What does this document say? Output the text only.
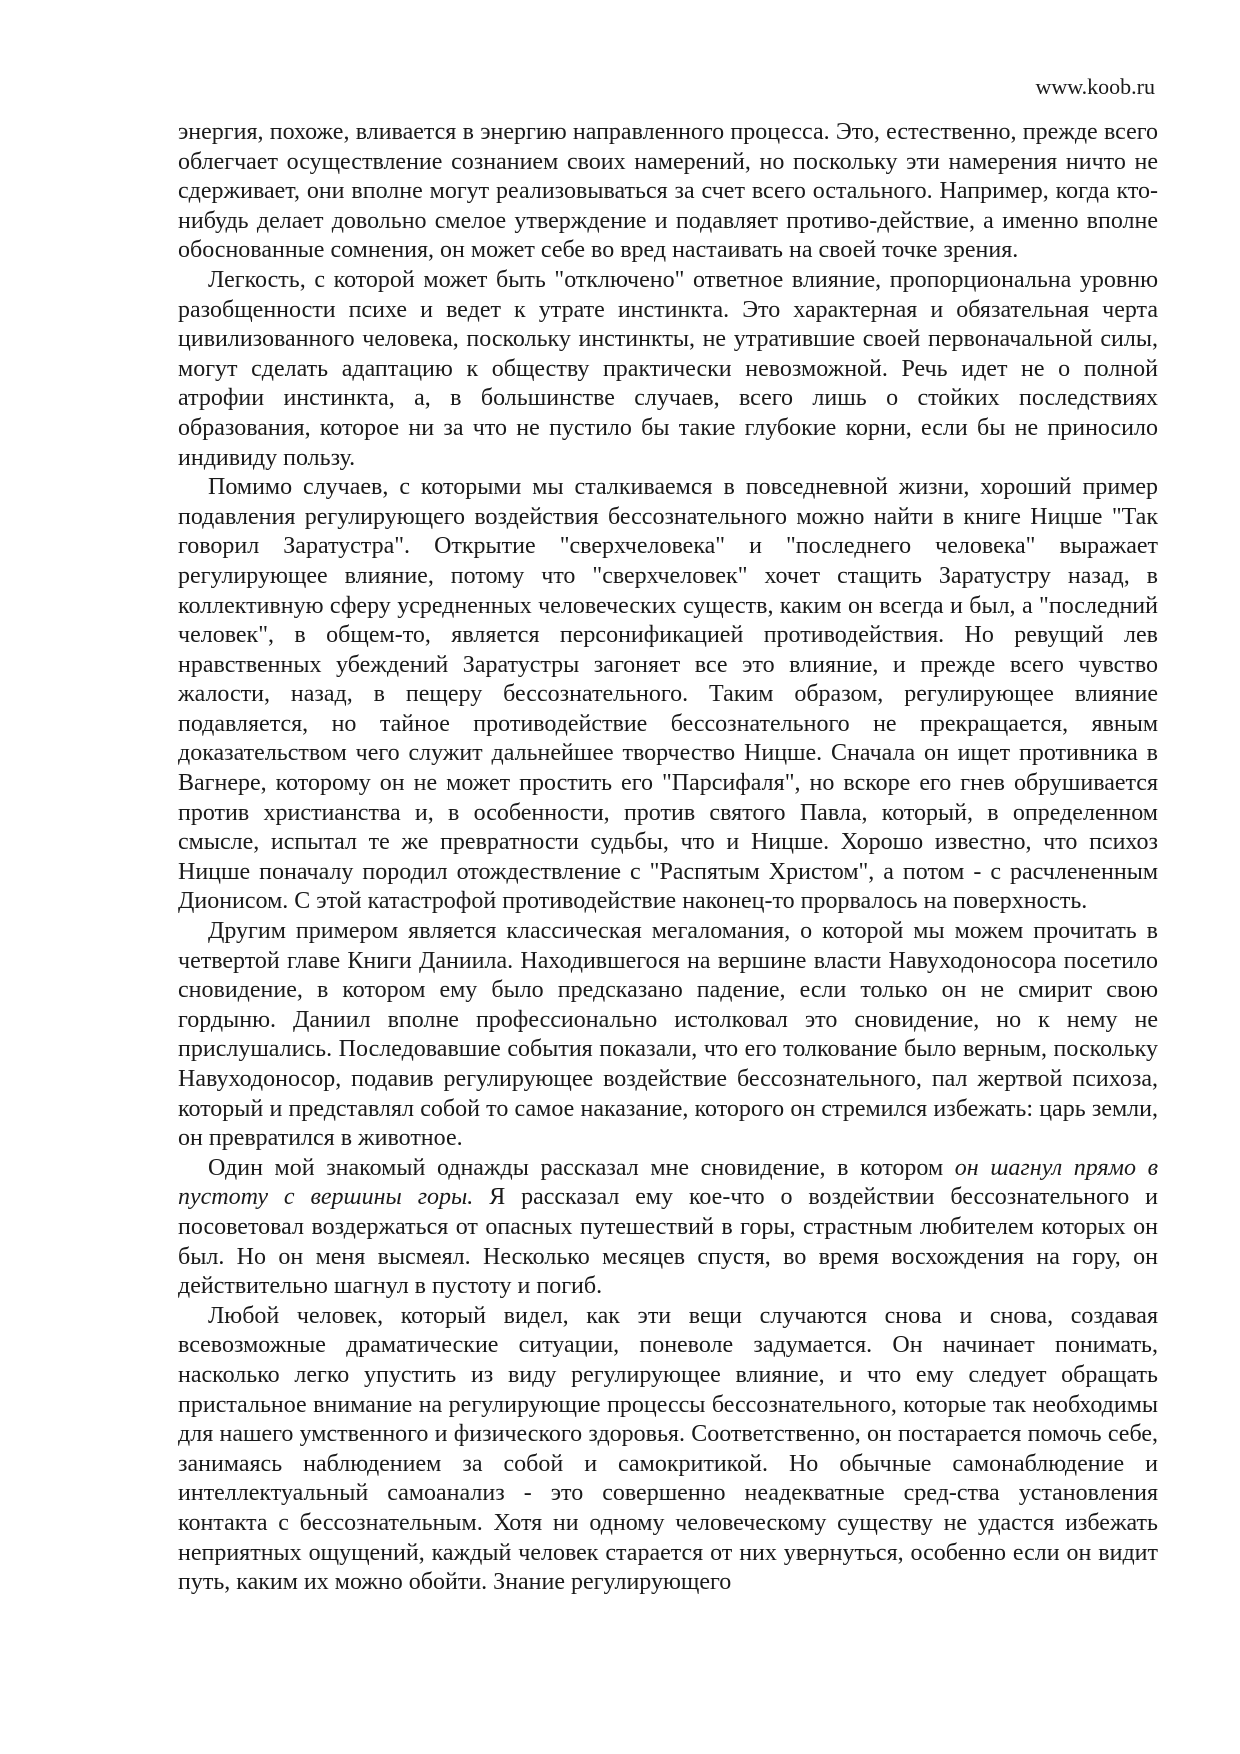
www.koob.ru

энергия, похоже, вливается в энергию направленного процесса. Это, естественно, прежде всего облегчает осуществление сознанием своих намерений, но поскольку эти намерения ничто не сдерживает, они вполне могут реализовываться за счет всего остального. Например, когда кто-нибудь делает довольно смелое утверждение и подавляет противо-действие, а именно вполне обоснованные сомнения, он может себе во вред настаивать на своей точке зрения.

Легкость, с которой может быть "отключено" ответное влияние, пропорциональна уровню разобщенности психе и ведет к утрате инстинкта. Это характерная и обязательная черта цивилизованного человека, поскольку инстинкты, не утратившие своей первоначальной силы, могут сделать адаптацию к обществу практически невозможной. Речь идет не о полной атрофии инстинкта, а, в большинстве случаев, всего лишь о стойких последствиях образования, которое ни за что не пустило бы такие глубокие корни, если бы не приносило индивиду пользу.

Помимо случаев, с которыми мы сталкиваемся в повседневной жизни, хороший пример подавления регулирующего воздействия бессознательного можно найти в книге Ницше "Так говорил Заратустра". Открытие "сверхчеловека" и "последнего человека" выражает регулирующее влияние, потому что "сверхчеловек" хочет стащить Заратустру назад, в коллективную сферу усредненных человеческих существ, каким он всегда и был, а "последний человек", в общем-то, является персонификацией противодействия. Но ревущий лев нравственных убеждений Заратустры загоняет все это влияние, и прежде всего чувство жалости, назад, в пещеру бессознательного. Таким образом, регулирующее влияние подавляется, но тайное противодействие бессознательного не прекращается, явным доказательством чего служит дальнейшее творчество Ницше. Сначала он ищет противника в Вагнере, которому он не может простить его "Парсифаля", но вскоре его гнев обрушивается против христианства и, в особенности, против святого Павла, который, в определенном смысле, испытал те же превратности судьбы, что и Ницше. Хорошо известно, что психоз Ницше поначалу породил отождествление с "Распятым Христом", а потом - с расчлененным Дионисом. С этой катастрофой противодействие наконец-то прорвалось на поверхность.

Другим примером является классическая мегаломания, о которой мы можем прочитать в четвертой главе Книги Даниила. Находившегося на вершине власти Навуходоносора посетило сновидение, в котором ему было предсказано падение, если только он не смирит свою гордыню. Даниил вполне профессионально истолковал это сновидение, но к нему не прислушались. Последовавшие события показали, что его толкование было верным, поскольку Навуходоносор, подавив регулирующее воздействие бессознательного, пал жертвой психоза, который и представлял собой то самое наказание, которого он стремился избежать: царь земли, он превратился в животное.

Один мой знакомый однажды рассказал мне сновидение, в котором он шагнул прямо в пустоту с вершины горы. Я рассказал ему кое-что о воздействии бессознательного и посоветовал воздержаться от опасных путешествий в горы, страстным любителем которых он был. Но он меня высмеял. Несколько месяцев спустя, во время восхождения на гору, он действительно шагнул в пустоту и погиб.

Любой человек, который видел, как эти вещи случаются снова и снова, создавая всевозможные драматические ситуации, поневоле задумается. Он начинает понимать, насколько легко упустить из виду регулирующее влияние, и что ему следует обращать пристальное внимание на регулирующие процессы бессознательного, которые так необходимы для нашего умственного и физического здоровья. Соответственно, он постарается помочь себе, занимаясь наблюдением за собой и самокритикой. Но обычные самонаблюдение и интеллектуальный самоанализ - это совершенно неадекватные сред-ства установления контакта с бессознательным. Хотя ни одному человеческому существу не удастся избежать неприятных ощущений, каждый человек старается от них увернуться, особенно если он видит путь, каким их можно обойти. Знание регулирующего
